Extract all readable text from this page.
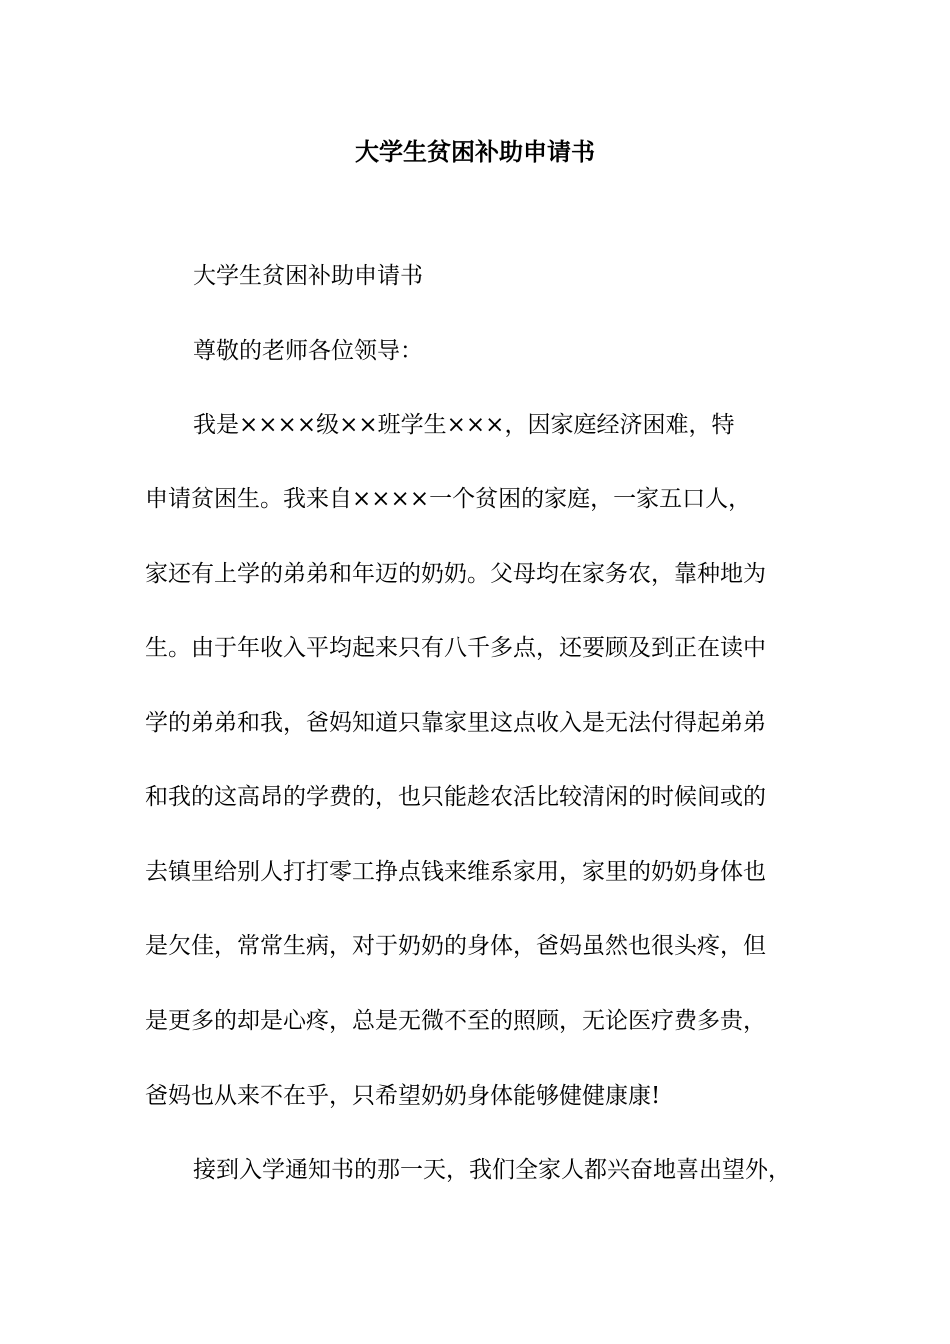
大学生贫困补助申请书

大学生贫困补助申请书

尊敬的老师各位领导：

我是××××级××班学生×××，因家庭经济困难，特

申请贫困生。我来自××××一个贫困的家庭，一家五口人，

家还有上学的弟弟和年迈的奶奶。父母均在家务农，靠种地为

生。由于年收入平均起来只有八千多点，还要顾及到正在读中

学的弟弟和我，爸妈知道只靠家里这点收入是无法付得起弟弟

和我的这高昂的学费的，也只能趁农活比较清闲的时候间或的

去镇里给别人打打零工挣点钱来维系家用，家里的奶奶身体也

是欠佳，常常生病，对于奶奶的身体，爸妈虽然也很头疼，但

是更多的却是心疼，总是无微不至的照顾，无论医疗费多贵，

爸妈也从来不在乎，只希望奶奶身体能够健健康康!

接到入学通知书的那一天，我们全家人都兴奋地喜出望外，
